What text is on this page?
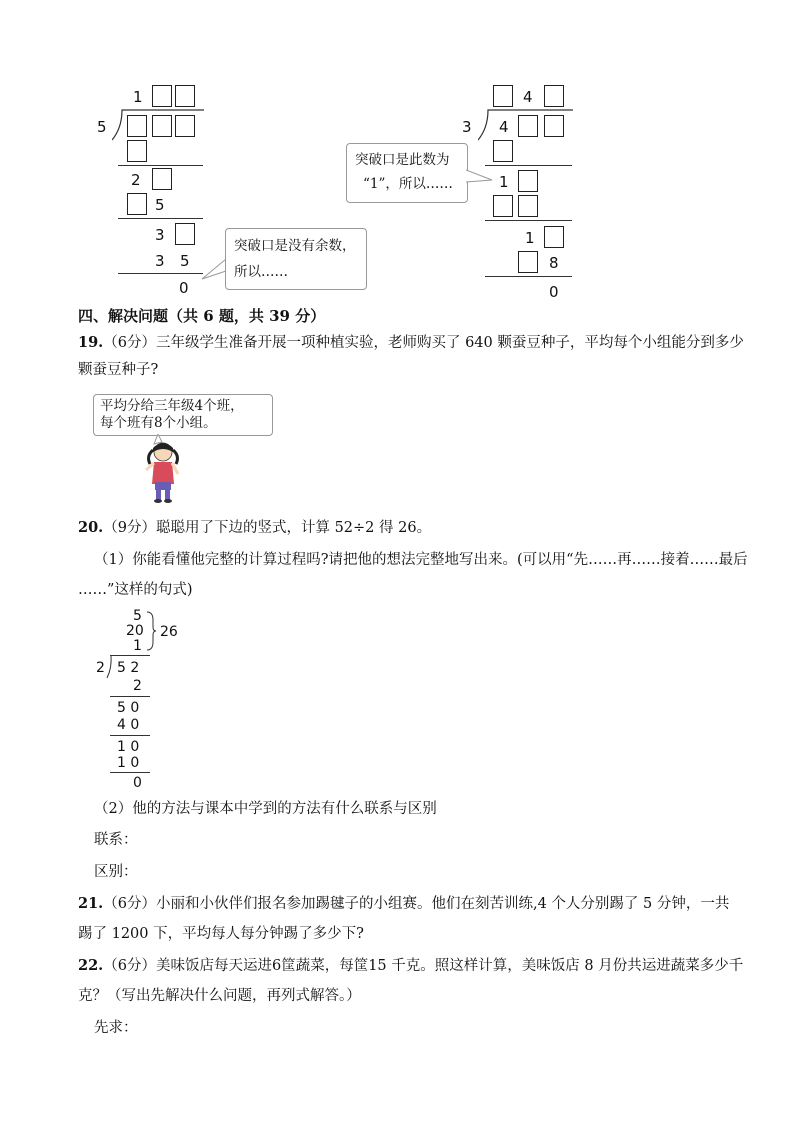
1
5
2
5
3
3 5
0
突破口是没有余数，所以……
4
3 4
1
1
8
0
突破口是此数为
“1”，所以……
四、解决问题（共 6 题，共 39 分）
19.（6分）三年级学生准备开展一项种植实验，老师购买了 640 颗蚕豆种子，平均每个小组能分到多少
颗蚕豆种子?
平均分给三年级4个班，
每个班有8个小组。
20.（9分）聪聪用了下边的竖式，计算 52÷2 得 26。
（1）你能看懂他完整的计算过程吗?请把他的想法完整地写出来。(可以用“先……再……接着……最后
……”这样的句式)
5
20
1
26
2 5 2
2
5 0
4 0
1 0
1 0
0
（2）他的方法与课本中学到的方法有什么联系与区别
联系：
区别：
21.（6分）小丽和小伙伴们报名参加踢毽子的小组赛。他们在刻苦训练,4 个人分别踢了 5 分钟，一共
踢了 1200 下，平均每人每分钟踢了多少下?
22.（6分）美味饭店每天运进6筐蔬菜，每筐15 千克。照这样计算，美味饭店 8 月份共运进蔬菜多少千
克？（写出先解决什么问题，再列式解答。）
先求：
